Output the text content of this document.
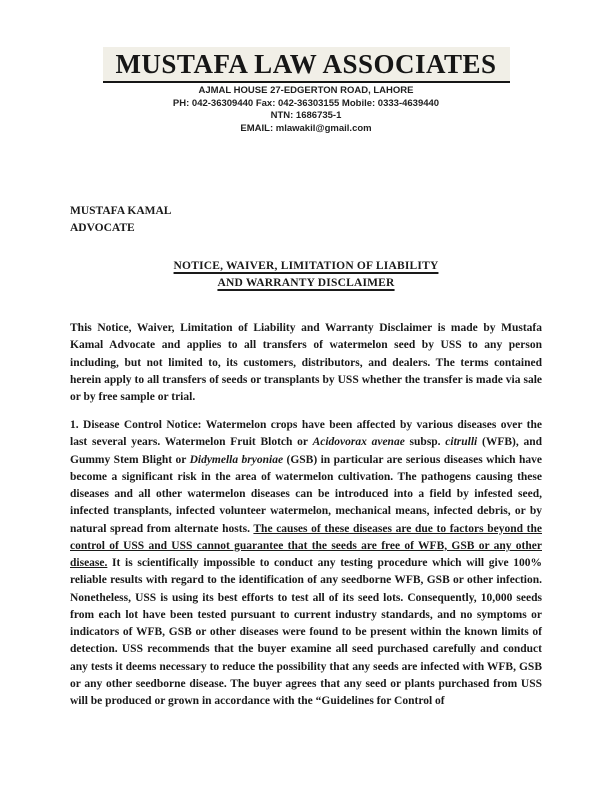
MUSTAFA LAW ASSOCIATES
AJMAL HOUSE 27-EDGERTON ROAD, LAHORE
PH: 042-36309440 Fax: 042-36303155 Mobile: 0333-4639440
NTN: 1686735-1
EMAIL: mlawakil@gmail.com
MUSTAFA KAMAL
ADVOCATE
NOTICE, WAIVER, LIMITATION OF LIABILITY
AND WARRANTY DISCLAIMER

This Notice, Waiver, Limitation of Liability and Warranty Disclaimer is made by Mustafa Kamal Advocate and applies to all transfers of watermelon seed by USS to any person including, but not limited to, its customers, distributors, and dealers. The terms contained herein apply to all transfers of seeds or transplants by USS whether the transfer is made via sale or by free sample or trial.

1. Disease Control Notice: Watermelon crops have been affected by various diseases over the last several years. Watermelon Fruit Blotch or Acidovorax avenae subsp. citrulli (WFB), and Gummy Stem Blight or Didymella bryoniae (GSB) in particular are serious diseases which have become a significant risk in the area of watermelon cultivation. The pathogens causing these diseases and all other watermelon diseases can be introduced into a field by infested seed, infected transplants, infected volunteer watermelon, mechanical means, infected debris, or by natural spread from alternate hosts. The causes of these diseases are due to factors beyond the control of USS and USS cannot guarantee that the seeds are free of WFB, GSB or any other disease. It is scientifically impossible to conduct any testing procedure which will give 100% reliable results with regard to the identification of any seedborne WFB, GSB or other infection. Nonetheless, USS is using its best efforts to test all of its seed lots. Consequently, 10,000 seeds from each lot have been tested pursuant to current industry standards, and no symptoms or indicators of WFB, GSB or other diseases were found to be present within the known limits of detection. USS recommends that the buyer examine all seed purchased carefully and conduct any tests it deems necessary to reduce the possibility that any seeds are infected with WFB, GSB or any other seedborne disease. The buyer agrees that any seed or plants purchased from USS will be produced or grown in accordance with the “Guidelines for Control of
